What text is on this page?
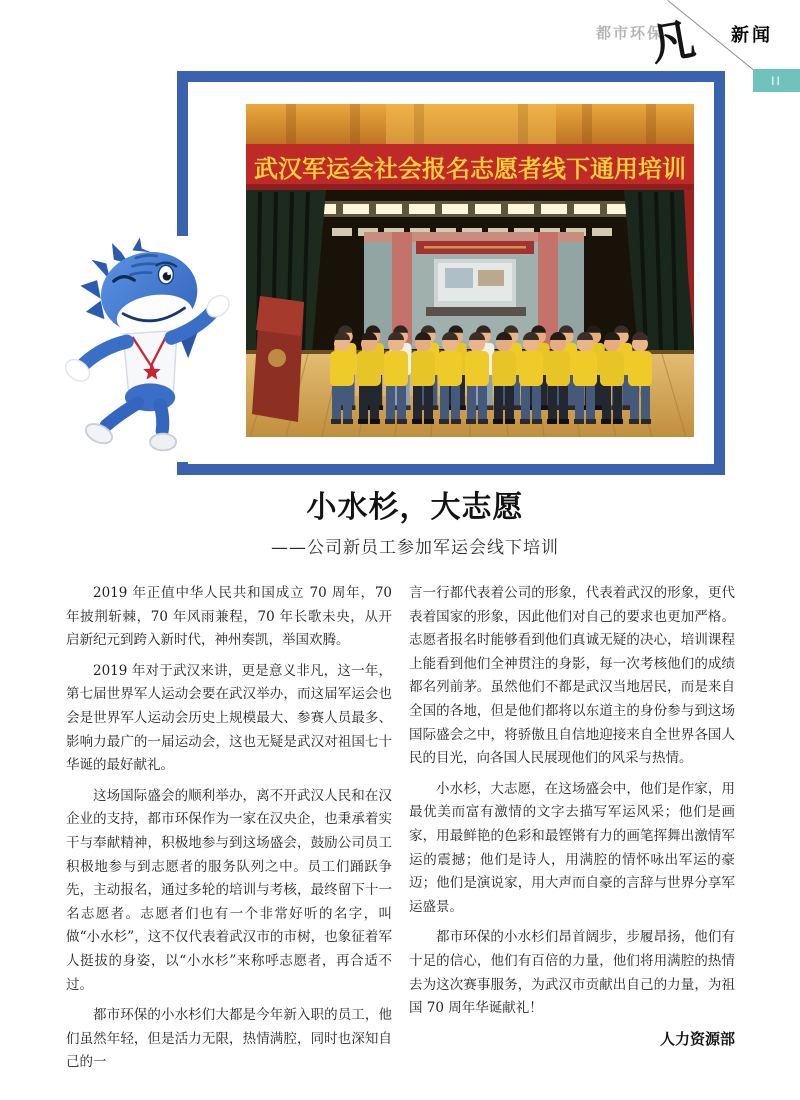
都市环保
凡 新闻
II
武汉军运会社会报名志愿者线下通用培训
小水杉，大志愿
——公司新员工参加军运会线下培训

2019 年正值中华人民共和国成立 70 周年，70 年披荆斩棘，70 年风雨兼程，70 年长歌未央，从开启新纪元到跨入新时代，神州奏凯，举国欢腾。

2019 年对于武汉来讲，更是意义非凡，这一年，第七届世界军人运动会要在武汉举办，而这届军运会也会是世界军人运动会历史上规模最大、参赛人员最多、影响力最广的一届运动会，这也无疑是武汉对祖国七十华诞的最好献礼。

这场国际盛会的顺利举办，离不开武汉人民和在汉企业的支持，都市环保作为一家在汉央企，也秉承着实干与奉献精神，积极地参与到这场盛会，鼓励公司员工积极地参与到志愿者的服务队列之中。员工们踊跃争先，主动报名，通过多轮的培训与考核，最终留下十一名志愿者。志愿者们也有一个非常好听的名字，叫做“小水杉”，这不仅代表着武汉市的市树，也象征着军人挺拔的身姿，以“小水杉”来称呼志愿者，再合适不过。

都市环保的小水杉们大都是今年新入职的员工，他们虽然年轻，但是活力无限，热情满腔，同时也深知自己的一

言一行都代表着公司的形象，代表着武汉的形象，更代表着国家的形象，因此他们对自己的要求也更加严格。志愿者报名时能够看到他们真诚无疑的决心，培训课程上能看到他们全神贯注的身影，每一次考核他们的成绩都名列前茅。虽然他们不都是武汉当地居民，而是来自全国的各地，但是他们都将以东道主的身份参与到这场国际盛会之中，将骄傲且自信地迎接来自全世界各国人民的目光，向各国人民展现他们的风采与热情。

小水杉，大志愿，在这场盛会中，他们是作家，用最优美而富有激情的文字去描写军运风采；他们是画家，用最鲜艳的色彩和最铿锵有力的画笔挥舞出激情军运的震撼；他们是诗人，用满腔的情怀咏出军运的豪迈；他们是演说家，用大声而自豪的言辞与世界分享军运盛景。

都市环保的小水杉们昂首阔步，步履昂扬，他们有十足的信心，他们有百倍的力量，他们将用满腔的热情去为这次赛事服务，为武汉市贡献出自己的力量，为祖国 70 周年华诞献礼！

人力资源部
